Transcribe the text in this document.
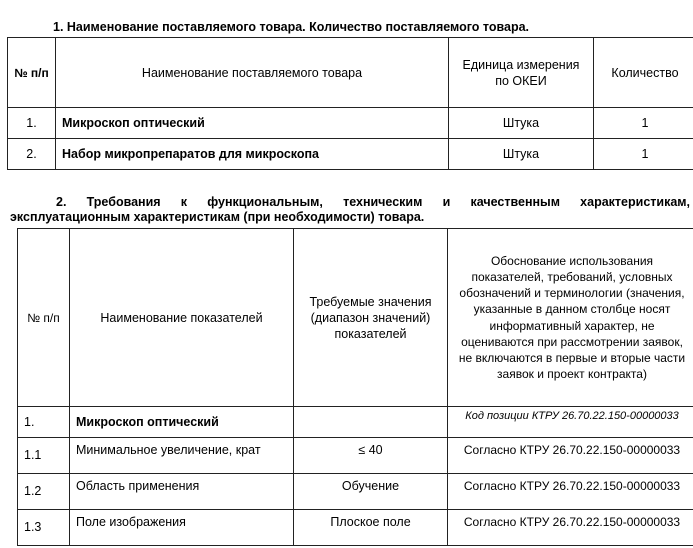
1. Наименование поставляемого товара. Количество поставляемого товара.
№ п/п	Наименование поставляемого товара	Единица измерения по ОКЕИ	Количество
1.	Микроскоп оптический	Штука	1
2.	Набор микропрепаратов для микроскопа	Штука	1
2. Требования к функциональным, техническим и качественным характеристикам,
эксплуатационным характеристикам (при необходимости) товара.
№ п/п	Наименование показателей	Требуемые значения (диапазон значений) показателей	Обоснование использования показателей, требований, условных обозначений и терминологии (значения, указанные в данном столбце носят информативный характер, не оцениваются при рассмотрении заявок, не включаются в первые и вторые части заявок и проект контракта)
1.	Микроскоп оптический		Код позиции КТРУ 26.70.22.150-00000033
1.1	Минимальное увеличение, крат	≤ 40	Согласно КТРУ 26.70.22.150-00000033
1.2	Область применения	Обучение	Согласно КТРУ 26.70.22.150-00000033
1.3	Поле изображения	Плоское поле	Согласно КТРУ 26.70.22.150-00000033
